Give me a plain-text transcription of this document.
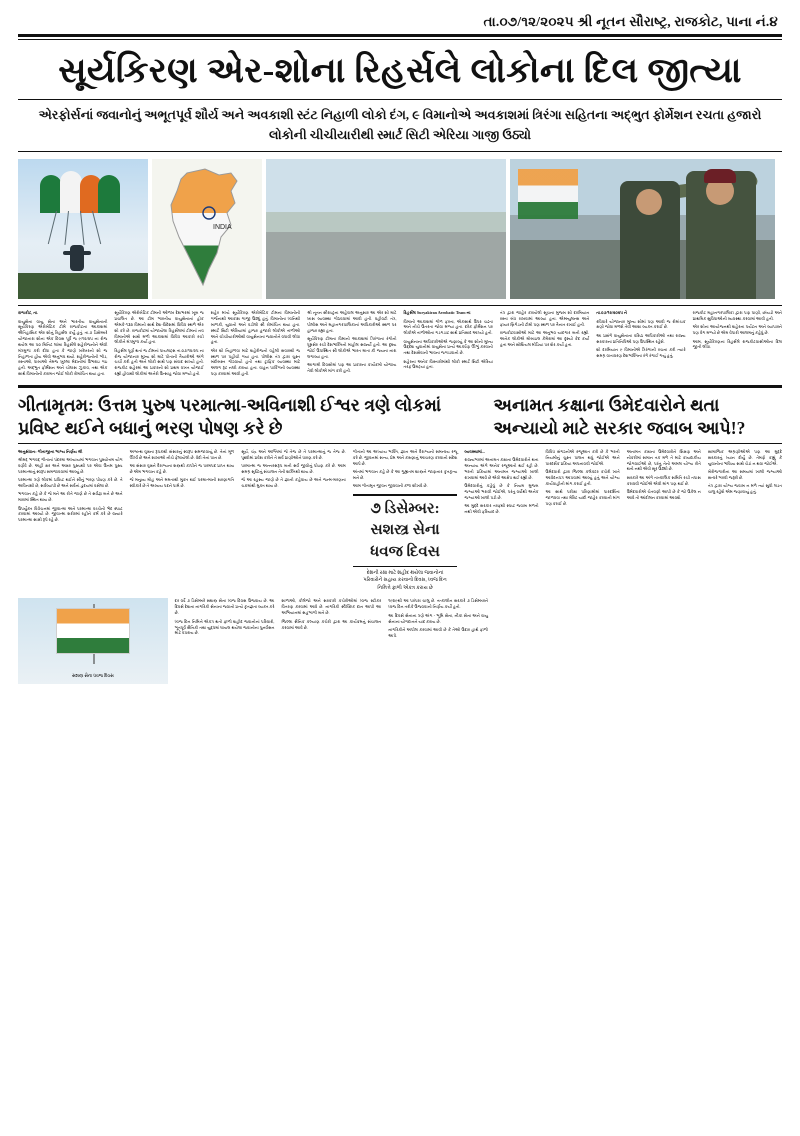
તા.૦૭/૧૨/૨૦૨૫ શ્રી નૂતન સૌરાષ્ટ્ર, રાજકોટ, પાના નં.૪
સૂર્યકિરણ એર-શોના રિહર્સલે લોકોના દિલ જીત્યા
એરફોર્સનાં જવાનોનું અભૂતપૂર્વ શૌર્ય અને અવકાશી સ્ટંટ નિહાળી લોકો દંગ, ૯ વિમાનોએ અવકાશમાં ત્રિરંગા સહિતના અદ્ભુત ફોર્મેશન રચતા હજારો લોકોની ચીચીયારીથી સ્માર્ટ સિટી એરિયા ગાજી ઉઠ્યો
INDIA

રાજકોટ, તા.

વાયુસેના વાયુ સેના અને ભારતીય વાયુસેનાની સૂર્યકિરણ એરોબેટિક ટીમે રાજકોટના આકાશમાં ઐતિહાસિક એર શોનું રિહર્સલ કર્યું હતું. તા.૭ ડિસેમ્બરે યોજાનારા શોના એક દિવસ પૂર્વે જ ૯/૧૨/૨૫ ના રોજ થયેલ આ ૫૦ મિનિટ લાંબા રિહર્સલે શહેરીજનોને એવી મંત્રમુગ્ધ કરી દીધા હતા કે જાણે ખરેખરનો શો જ નિહાળતા હોય એવો અનુભવ થયો. શહેરીજનોની ભીડ, રસ્તાઓ, ધાબાઓ તેમજ ખુલ્લા મેદાનોમાં ઉભરાઇ ગઇ હતી. અદ્ભુત ફોર્મેશન અને ચોક્કસ ઝુકાવ, તથા એક સાથે વિમાનોની કરામત જોઈ લોકો રોમાંચિત થયા હતા.

સૂર્યકિરણ એરોબેટિક ટીમની ઓળખ દેશભરમાં ખૂબ જ પ્રચલિત છે. આ ટીમ ભારતીય વાયુસેનાનાં હોક એમકે-૧૩૨ વિમાનો સાથે દેશ-વિદેશમાં વિવિધ સ્થળે એર શો કરે છે. રાજકોટમાં યોજાયેલા રિહર્સલમાં ટીમનાં નવ વિમાનોએ સાથે મળી આકાશમાં વિવિધ આકારો રચી લોકોને મંત્રમુગ્ધ કર્યા હતા.

રિહર્સલ પૂર્ણ થતાં જ ટીમનાં પાયલટ્સ તા.૦૭/૧૨/૨૫ ના રોજ યોજાનાર મુખ્ય શો માટે પોતાની તૈયારીઓ અંગે ચર્ચા કરી હતી અને લોકો સાથે પણ સંવાદ સાધ્યો હતો. રાજકોટ શહેરમાં આ પ્રકારનો શો પ્રથમ વખત યોજાઈ રહ્યો હોવાથી લોકોમાં અનેરો ઉત્સાહ જોવા મળ્યો હતો.

શહેર મધ્યે સૂર્યકિરણ એરોબેટિક ટીમના વિમાનોની ગર્જનાથી આકાશ ગાજી ઉઠ્યું હતું. વિમાનોના ધ્વનિથી બાળકો, યુવાનો અને વડીલો સૌ રોમાંચિત થયા હતા. સ્માર્ટ સિટી એરિયામાં હાજર હજારો લોકોએ તાળીઓ અને ચીચીયારીઓથી વાયુસેનાના જવાનોને વધાવી લીધા હતા.

એર શો નિહાળવા માટે શહેરીજનો વહેલી સવારથી જ સ્થળ પર પહોંચી ગયા હતા. પોલીસ તંત્ર દ્વારા ચુસ્ત બંદોબસ્ત ગોઠવાયો હતો તથા ટ્રાફિક વ્યવસ્થા માટે અલગ રૂટ નક્કી કરાયા હતા. વાહન પાર્કિંગની વ્યવસ્થા પણ કરવામાં આવી હતી.

શ્રી નૂતન સૌરાષ્ટ્રના અહેવાલ અનુસાર આ એર શો માટે ખાસ વ્યવસ્થા ગોઠવવામાં આવી હતી. વહીવટી તંત્ર, પોલીસ અને મહાનગરપાલિકાનાં અધિકારીઓ સ્થળ પર હાજર રહ્યા હતા.

સૂર્યકિરણ ટીમના વિમાનો આકાશમાં ત્રિરંગાના રંગોનો ધૂમ્રસેર રચી દેશભક્તિનો માહોલ સર્જ્યો હતો. આ દૃશ્ય જોઈ ઉપસ્થિત સૌ લોકોએ ભારત માતા કી જયના નારા લગાવ્યા હતા.

આગામી દિવસોમાં પણ આ પ્રકારના કાર્યક્રમો યોજાય તેવી લોકોએ માંગ કરી હતી.

રિહર્સલ Suryakiran Aerobatic Team ના

વિમાનો આકાશમાં ગોળ ફરતા, એકસાથે ઉપર ચઢતા અને નીચે ઉતરતા જોવા મળ્યા હતા. દરેક ફોર્મેશન પર લોકોએ તાળીઓના ગડગડાટ સાથે પ્રતિસાદ આપ્યો હતો.

વાયુસેનાના અધિકારીઓએ જણાવ્યું કે આ શોનો મુખ્ય ઉદ્દેશ યુવાનોમાં વાયુસેના પ્રત્યે આકર્ષણ ઊભું કરવાનો તથા દેશસેવાની ભાવના જગાડવાનો છે.

શહેરના અનેક વિસ્તારોમાંથી લોકો સ્માર્ટ સિટી એરિયા તરફ ઉમટ્યા હતા.

તંત્ર દ્વારા જાહેર કરાયેલી સૂચના મુજબ શો દરમિયાન રસ્તા બંધ રાખવામાં આવ્યા હતા. એમ્બ્યુલન્સ અને ફાયર બ્રિગેડની ટીમો પણ સ્થળ પર તૈનાત રખાઈ હતી.

રાજકોટવાસીઓ માટે આ અનુભવ યાદગાર બની રહ્યો. અનેક લોકોએ મોબાઇલ કેમેરામાં આ દૃશ્યો કેદ કર્યા હતા અને સોશિયલ મીડિયા પર શેર કર્યા હતા.

તા.૦૭/૧૨/૨૦૨૫ ને

રવિવારે યોજાનાર મુખ્ય શોમાં પણ આવી જ રોમાંચક ક્ષણો જોવા મળશે તેવી આશા વ્યક્ત કરાઈ છે.

આ પ્રસંગે વાયુસેનાના વરિષ્ઠ અધિકારીઓ તથા રાજ્ય સરકારના પ્રતિનિધિઓ પણ ઉપસ્થિત રહેશે.

શો દરમિયાન ૯ વિમાનોએ ત્રિરંગાની રચના કરી ત્યારે સમગ્ર વાતાવરણ દેશભક્તિના રંગે રંગાઈ ગયું હતું.

રાજકોટ મહાનગરપાલિકા દ્વારા પણ પાણી, છાંયડો અને પ્રાથમિક સુવિધાઓની વ્યવસ્થા કરવામાં આવી હતી.

એર શોના આયોજનથી શહેરના પર્યટન અને વ્યાપારને પણ વેગ મળ્યો છે એમ વેપારી આલમનું કહેવું છે.

આમ, સૂર્યકિરણના રિહર્સલે રાજકોટવાસીઓના દિલ જીતી લીધા.

ગીતામૃતમ: ઉત્તમ પુરુષ પરમાત્મા-અવિનાશી ઈશ્વર ત્રણે લોકમાં પ્રવિષ્ટ થઈને બધાનું ભરણ પોષણ કરે છે
અનામત કક્ષાના ઉમેદવારોને થતા અન્યાયો માટે સરકાર જવાબ આપે!?

અનુસંધાન: ગીતાજીના ભાગ્ય નિર્ણય શ્રી

શ્રીમદ્ ભગવદ્ ગીતાનાં પંદરમા અધ્યાયમાં ભગવાન પુરુષોત્તમ યોગ વર્ણવે છે. અહીં ક્ષર અને અક્ષર પુરુષથી પર એવા ઉત્તમ પુરુષ પરમાત્માનું સ્વરૂપ સમજાવવામાં આવ્યું છે.

પરમાત્મા ત્રણે લોકમાં પ્રવિષ્ટ થઈને સૌનું ભરણ પોષણ કરે છે. તે અવિનાશી છે, સર્વવ્યાપી છે અને સર્વનાં હૃદયમાં વસેલા છે.

ભગવાન કહે છે કે જે મને આ રીતે જાણે છે તે સર્વજ્ઞ બને છે અને મારામાં સ્થિત થાય છે.

ઉપર્યુક્ત વિવેચનમાં જીવાત્મા અને પરમાત્મા વચ્ચેનો ભેદ સ્પષ્ટ કરવામાં આવ્યો છે. જીવાત્મા શરીરમાં રહીને કર્મ કરે છે જ્યારે પરમાત્મા સાક્ષી રૂપે રહે છે.

અશ્વત્થ વૃક્ષના રૂપકથી સંસારનું સ્વરૂપ સમજાવાયું છે. તેનાં મૂળ ઊર્ધ્વ છે અને શાખાઓ નીચે ફેલાયેલી છે. વેદો તેનાં પાન છે.

આ સંસાર વૃક્ષને વૈરાગ્યના શસ્ત્રથી કાપીને જ પરમપદ પ્રાપ્ત થાય છે એમ ભગવાન કહે છે.

જે મનુષ્ય મોહ અને મમતાથી મુક્ત થઈ પરમાત્માની શરણાગતિ સ્વીકારે છે તે અવ્યય પદને પામે છે.

સૂર્ય, ચંદ્ર અને અગ્નિમાં જે તેજ છે તે પરમાત્માનું જ તેજ છે. પૃથ્વીમાં પ્રવેશ કરીને તે સર્વ પ્રાણીઓને ધારણ કરે છે.

પરમાત્મા જ અન્નરસરૂપ બની સર્વ જીવોનું પોષણ કરે છે. આમ સમગ્ર સૃષ્ટિનું સંચાલન તેની શક્તિથી થાય છે.

જે આ રહસ્ય જાણે છે તે જ્ઞાની કહેવાય છે અને જન્મ-મરણના ચક્રમાંથી મુક્ત થાય છે.

ગીતાનો આ અધ્યાય ભક્તિ, જ્ઞાન અને વૈરાગ્યનો સમન્વય રજૂ કરે છે. જીવનમાં સત્ય, પ્રેમ અને કરુણાનું આચરણ કરવાનો સંદેશ આપે છે.

અંતમાં ભગવાન કહે છે કે આ ગુહ્યતમ શાસ્ત્રને જાણનાર કૃતકૃત્ય બને છે.

આમ ગીતામૃત જીવન જીવવાની કળા શીખવે છે.

૭ ડિસેમ્બર: સશસ્ત્ર સેના ધવજ દિવસ
દેશની રક્ષા માટે શહીદ થયેલા જવાનોનાં પરિવારોને સહાય કરવાનો દિવસ, ધ્વજ દિન નિમિત્તે ફાળો એકત્ર કરાય છે

વ્યવસ્થામાં...

રાજ્યભરમાં અનામત કક્ષાના ઉમેદવારોને થતા અન્યાય અંગે અનેક રજૂઆતો થઈ રહી છે. ભરતી પ્રક્રિયામાં અનામત જગ્યાઓ ખાલી રાખવામાં આવે છે એવો આક્ષેપ થઈ રહ્યો છે.

ઉમેદવારોનું કહેવું છે કે નિયમ મુજબ જગ્યાઓ ભરાવી જોઈએ, પરંતુ વર્ષોથી અનેક જગ્યાઓ ખાલી પડી છે.

આ મુદ્દે સરકાર તરફથી સ્પષ્ટ જવાબ મળતો નથી એવી ફરિયાદ છે.

વિવિધ સંગઠનોએ રજૂઆત કરી છે કે ભરતી નિયમોનું ચુસ્ત પાલન થવું જોઈએ અને પારદર્શક પ્રક્રિયા અપનાવવી જોઈએ.

ઉમેદવારો દ્વારા જિલ્લા કલેક્ટર કચેરી ખાતે આવેદનપત્ર આપવામાં આવ્યું હતું અને યોગ્ય કાર્યવાહીની માંગ કરાઈ હતી.

આ સાથે પરીક્ષા પરિણામોમાં પારદર્શિતા જાળવવા તથા મેરિટ યાદી જાહેર કરવાની માંગ પણ કરાઈ છે.

અનામત કક્ષાના ઉમેદવારોને શિક્ષણ અને નોકરીમાં સમાન તક મળે તે માટે કાયદાકીય જોગવાઈઓ છે, પરંતુ તેનો અમલ યોગ્ય રીતે થતો નથી એવો સૂર ઉઠ્યો છે.

સરકારે આ અંગે તાત્કાલિક સમિતિ રચી તપાસ કરાવવી જોઈએ એવી માંગ પણ થઈ છે.

ઉમેદવારોએ ચેતવણી આપી છે કે જો ઉકેલ ન આવે તો આંદોલન કરવામાં આવશે.

સામાજિક અગ્રણીઓએ પણ આ મુદ્દે સરકારનું ધ્યાન દોર્યું છે. તેમણે કહ્યું કે યુવાનોના ભવિષ્ય સાથે ચેડાં ન થવા જોઈએ.

બેરોજગારીના આ સમયમાં ખાલી જગ્યાઓ સત્વરે ભરવી જરૂરી છે.

તંત્ર દ્વારા યોગ્ય જવાબ ન મળે ત્યાં સુધી લડત ચાલુ રહેશે એમ જણાવાયું હતું.

સશસ્ત્ર સેના ધવજ દિવસ

દર વર્ષે ૭ ડિસેમ્બરે સશસ્ત્ર સેના ધ્વજ દિવસ ઉજવાય છે. આ દિવસે દેશના નાગરિકો સેનાના જવાનો પ્રત્યે કૃતજ્ઞતા વ્યક્ત કરે છે.

ધ્વજ દિન નિમિત્તે એકત્ર થતો ફાળો શહીદ જવાનોનાં પરિવારો, ભૂતપૂર્વ સૈનિકો તથા યુદ્ધમાં ઘાયલ થયેલા જવાનોના પુનર્વસન માટે વપરાય છે.

શાળાઓ, કોલેજો અને સરકારી કચેરીઓમાં ધ્વજ સ્ટીકર વિતરણ કરવામાં આવે છે. નાગરિકો સ્વૈચ્છિક દાન આપી આ અભિયાનમાં સહભાગી બને છે.

જિલ્લા સૈનિક કલ્યાણ કચેરી દ્વારા આ કાર્યક્રમનું સંચાલન કરવામાં આવે છે.

૧૯૪૯થી આ પરંપરા ચાલુ છે. તત્કાલીન સરકારે ૭ ડિસેમ્બરને ધ્વજ દિન તરીકે ઉજવવાનો નિર્ણય કર્યો હતો.

આ દિવસે સેનાના ત્રણે અંગ - ભૂમિ સેના, નૌકા સેના અને વાયુ સેનાના યોગદાનને યાદ કરાય છે.

નાગરિકોને અપીલ કરવામાં આવી છે કે તેઓ ઉદાર હાથે ફાળો આપે.
